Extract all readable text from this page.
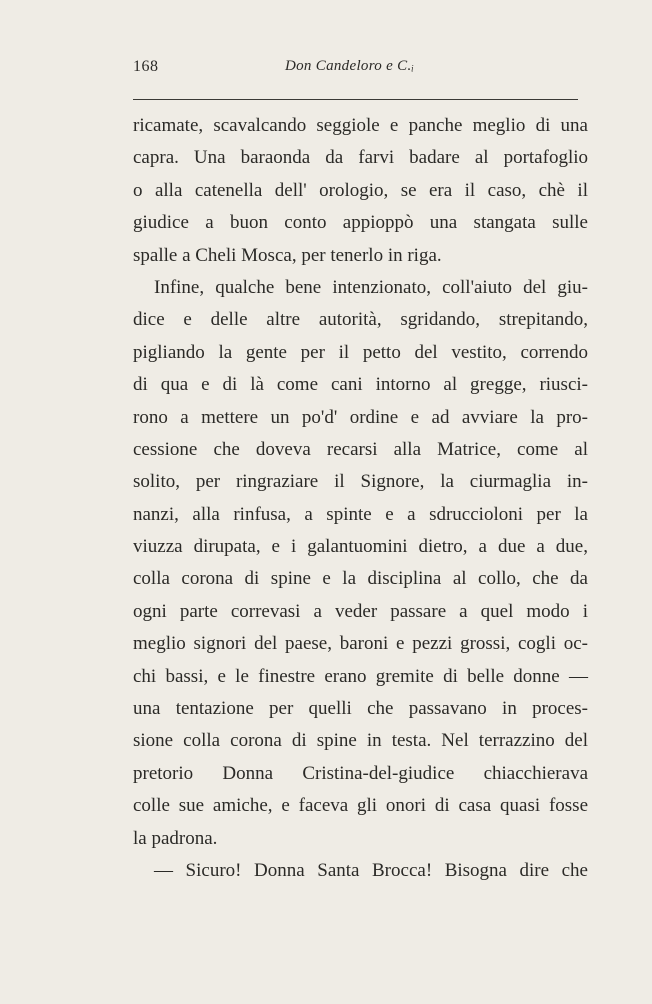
168	Don Candeloro e C.ᵢ
ricamate, scavalcando seggiole e panche meglio di una
capra. Una baraonda da farvi badare al portafoglio
o alla catenella dell' orologio, se era il caso, chè il
giudice a buon conto appioppò una stangata sulle
spalle a Cheli Mosca, per tenerlo in riga.
Infine, qualche bene intenzionato, coll'aiuto del giu-
dice e delle altre autorità, sgridando, strepitando,
pigliando la gente per il petto del vestito, correndo
di qua e di là come cani intorno al gregge, riusci-
rono a mettere un po'd' ordine e ad avviare la pro-
cessione che doveva recarsi alla Matrice, come al
solito, per ringraziare il Signore, la ciurmaglia in-
nanzi, alla rinfusa, a spinte e a sdruccioloni per la
viuzza dirupata, e i galantuomini dietro, a due a due,
colla corona di spine e la disciplina al collo, che da
ogni parte correvasi a veder passare a quel modo i
meglio signori del paese, baroni e pezzi grossi, cogli oc-
chi bassi, e le finestre erano gremite di belle donne —
una tentazione per quelli che passavano in proces-
sione colla corona di spine in testa. Nel terrazzino del
pretorio Donna Cristina-del-giudice chiacchierava
colle sue amiche, e faceva gli onori di casa quasi fosse
la padrona.
— Sicuro! Donna Santa Brocca! Bisogna dire che
